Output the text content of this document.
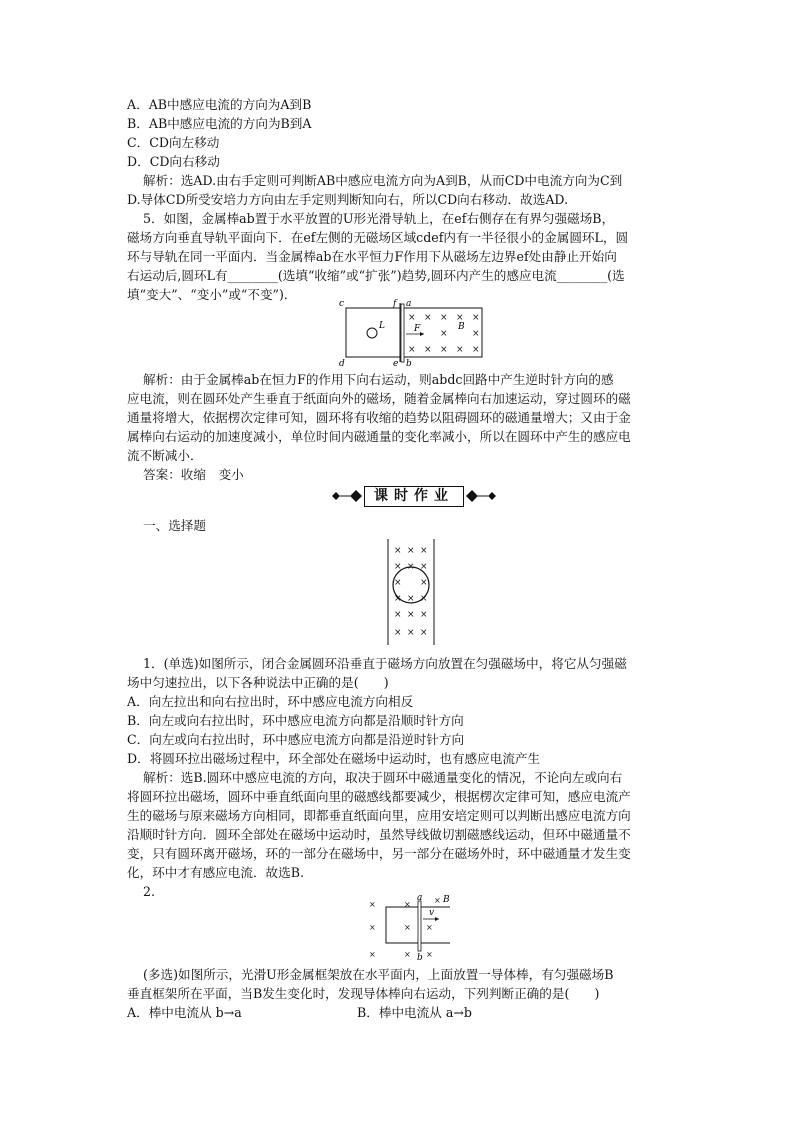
A．AB中感应电流的方向为A到B
B．AB中感应电流的方向为B到A
C．CD向左移动
D．CD向右移动
解析：选AD.由右手定则可判断AB中感应电流方向为A到B，从而CD中电流方向为C到
D.导体CD所受安培力方向由左手定则判断知向右，所以CD向右移动．故选AD.
5．如图，金属棒ab置于水平放置的U形光滑导轨上，在ef右侧存在有界匀强磁场B，
磁场方向垂直导轨平面向下．在ef左侧的无磁场区域cdef内有一半径很小的金属圆环L，圆
环与导轨在同一平面内．当金属棒ab在水平恒力F作用下从磁场左边界ef处由静止开始向
右运动后,圆环L有________(选填“收缩”或“扩张”)趋势,圆环内产生的感应电流________(选
填“变大”、“变小”或“不变”)．
c
d
f
e
a
b
L	F	B
× × × × ×
×	×
× × × × ×
解析：由于金属棒ab在恒力F的作用下向右运动，则abdc回路中产生逆时针方向的感
应电流，则在圆环处产生垂直于纸面向外的磁场，随着金属棒向右加速运动，穿过圆环的磁
通量将增大，依据楞次定律可知，圆环将有收缩的趋势以阻碍圆环的磁通量增大；又由于金
属棒向右运动的加速度减小，单位时间内磁通量的变化率减小，所以在圆环中产生的感应电
流不断减小．
答案：收缩　变小
课时作业
一、选择题
× × ×
× × ×
× ×
× × ×
× × ×
× × ×
1．(单选)如图所示，闭合金属圆环沿垂直于磁场方向放置在匀强磁场中，将它从匀强磁
场中匀速拉出，以下各种说法中正确的是(　　)
A．向左拉出和向右拉出时，环中感应电流方向相反
B．向左或向右拉出时，环中感应电流方向都是沿顺时针方向
C．向左或向右拉出时，环中感应电流方向都是沿逆时针方向
D．将圆环拉出磁场过程中，环全部处在磁场中运动时，也有感应电流产生
解析：选B.圆环中感应电流的方向，取决于圆环中磁通量变化的情况，不论向左或向右
将圆环拉出磁场，圆环中垂直纸面向里的磁感线都要减少，根据楞次定律可知，感应电流产
生的磁场与原来磁场方向相同，即都垂直纸面向里，应用安培定则可以判断出感应电流方向
沿顺时针方向．圆环全部处在磁场中运动时，虽然导线做切割磁感线运动，但环中磁通量不
变，只有圆环离开磁场，环的一部分在磁场中，另一部分在磁场外时，环中磁通量才发生变
化，环中才有感应电流．故选B.
2.	a
b
B
v
×	×	×
×	× ×
×	× ×
(多选)如图所示，光滑U形金属框架放在水平面内，上面放置一导体棒，有匀强磁场B
垂直框架所在平面，当B发生变化时，发现导体棒向右运动，下列判断正确的是(　　)
A．棒中电流从 b→a	B．棒中电流从 a→b
